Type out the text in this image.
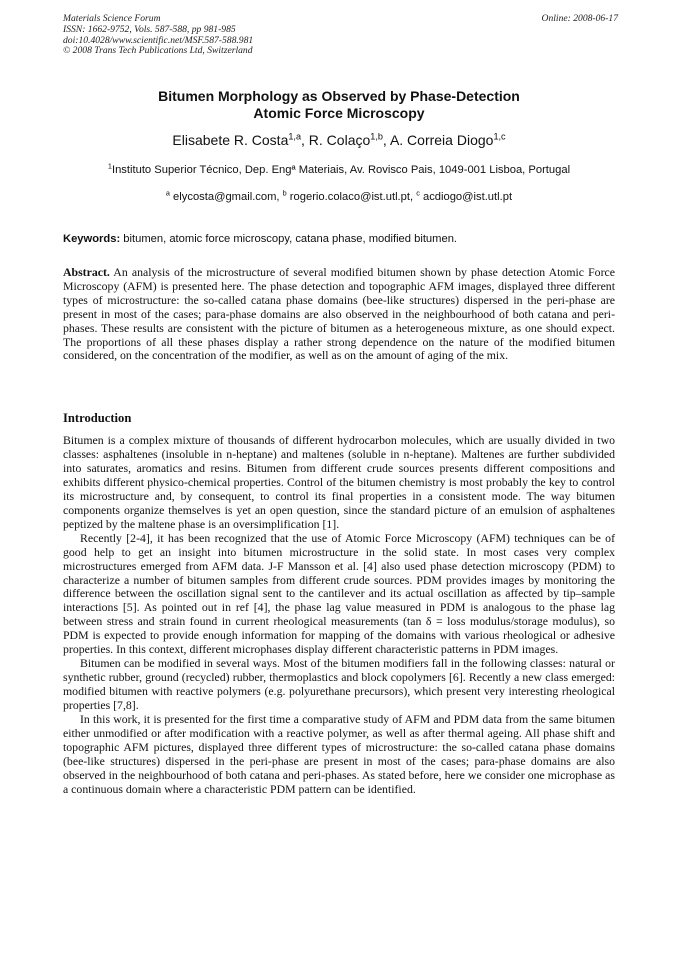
Materials Science Forum
ISSN: 1662-9752, Vols. 587-588, pp 981-985
doi:10.4028/www.scientific.net/MSF.587-588.981
© 2008 Trans Tech Publications Ltd, Switzerland
Online: 2008-06-17
Bitumen Morphology as Observed by Phase-Detection
Atomic Force Microscopy
Elisabete R. Costa$^{1,a}$, R. Colaço$^{1,b}$, A. Correia Diogo$^{1,c}$
$^1$Instituto Superior Técnico, Dep. Engª Materiais, Av. Rovisco Pais, 1049-001 Lisboa, Portugal
$^a$ elycosta@gmail.com, $^b$ rogerio.colaco@ist.utl.pt, $^c$ acdiogo@ist.utl.pt
Keywords: bitumen, atomic force microscopy, catana phase, modified bitumen.
Abstract. An analysis of the microstructure of several modified bitumen shown by phase detection Atomic Force Microscopy (AFM) is presented here. The phase detection and topographic AFM images, displayed three different types of microstructure: the so-called catana phase domains (bee-like structures) dispersed in the peri-phase are present in most of the cases; para-phase domains are also observed in the neighbourhood of both catana and peri-phases. These results are consistent with the picture of bitumen as a heterogeneous mixture, as one should expect. The proportions of all these phases display a rather strong dependence on the nature of the modified bitumen considered, on the concentration of the modifier, as well as on the amount of aging of the mix.
Introduction

Bitumen is a complex mixture of thousands of different hydrocarbon molecules, which are usually divided in two classes: asphaltenes (insoluble in n-heptane) and maltenes (soluble in n-heptane). Maltenes are further subdivided into saturates, aromatics and resins. Bitumen from different crude sources presents different compositions and exhibits different physico-chemical properties. Control of the bitumen chemistry is most probably the key to control its microstructure and, by consequent, to control its final properties in a consistent mode. The way bitumen components organize themselves is yet an open question, since the standard picture of an emulsion of asphaltenes peptized by the maltene phase is an oversimplification [1].

Recently [2-4], it has been recognized that the use of Atomic Force Microscopy (AFM) techniques can be of good help to get an insight into bitumen microstructure in the solid state. In most cases very complex microstructures emerged from AFM data. J-F Mansson et al. [4] also used phase detection microscopy (PDM) to characterize a number of bitumen samples from different crude sources. PDM provides images by monitoring the difference between the oscillation signal sent to the cantilever and its actual oscillation as affected by tip–sample interactions [5]. As pointed out in ref [4], the phase lag value measured in PDM is analogous to the phase lag between stress and strain found in current rheological measurements (tan δ = loss modulus/storage modulus), so PDM is expected to provide enough information for mapping of the domains with various rheological or adhesive properties. In this context, different microphases display different characteristic patterns in PDM images.

Bitumen can be modified in several ways. Most of the bitumen modifiers fall in the following classes: natural or synthetic rubber, ground (recycled) rubber, thermoplastics and block copolymers [6]. Recently a new class emerged: modified bitumen with reactive polymers (e.g. polyurethane precursors), which present very interesting rheological properties [7,8].

In this work, it is presented for the first time a comparative study of AFM and PDM data from the same bitumen either unmodified or after modification with a reactive polymer, as well as after thermal ageing. All phase shift and topographic AFM pictures, displayed three different types of microstructure: the so-called catana phase domains (bee-like structures) dispersed in the peri-phase are present in most of the cases; para-phase domains are also observed in the neighbourhood of both catana and peri-phases. As stated before, here we consider one microphase as a continuous domain where a characteristic PDM pattern can be identified.
